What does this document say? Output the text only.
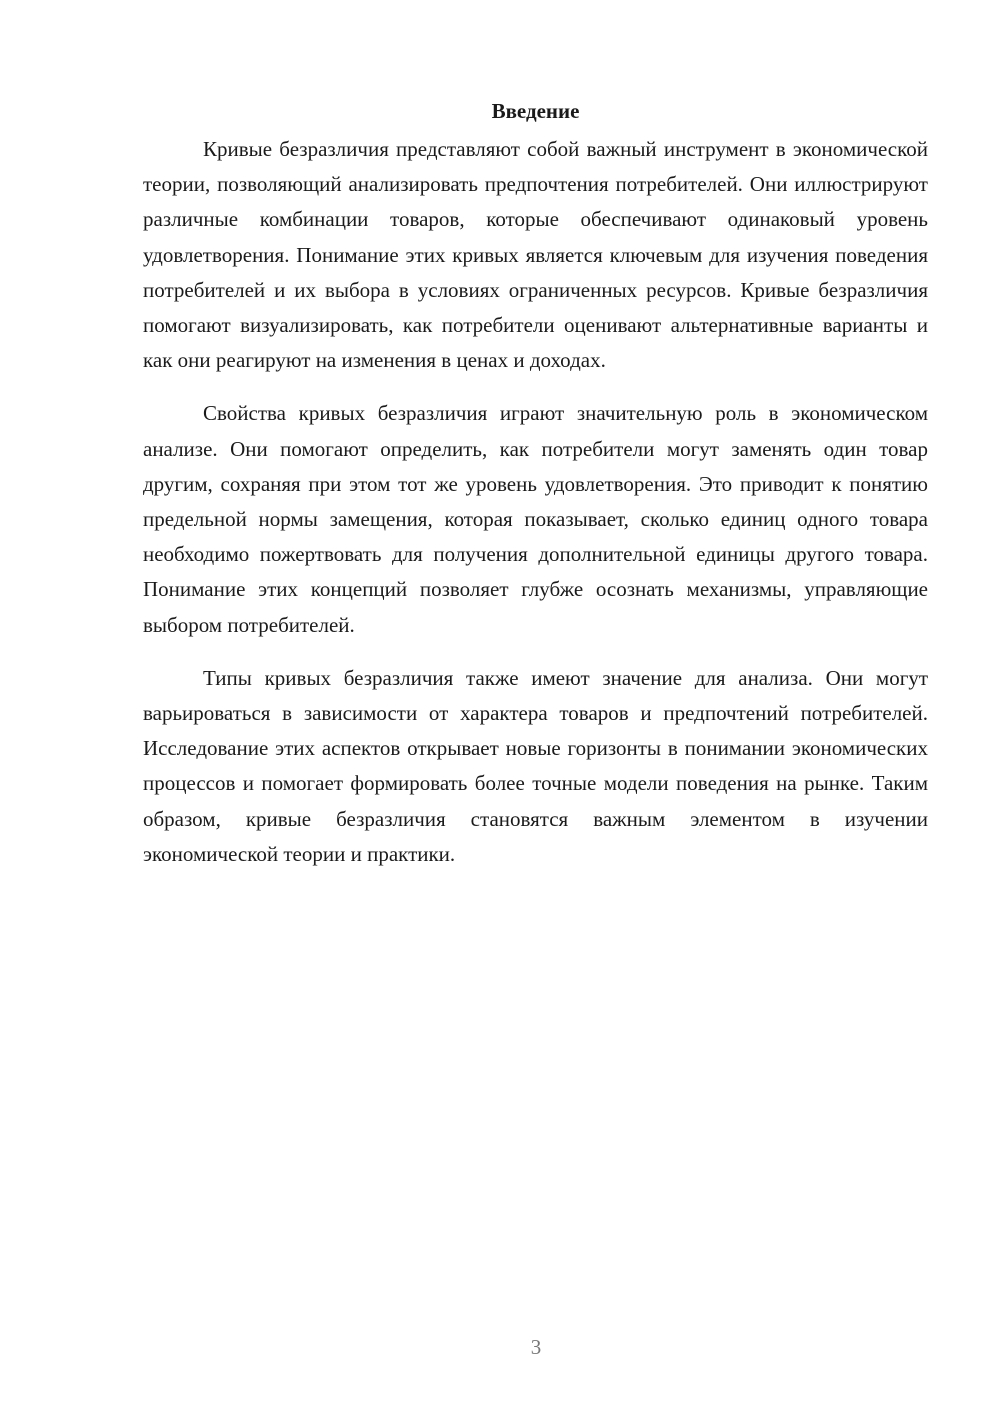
Введение

Кривые безразличия представляют собой важный инструмент в экономической теории, позволяющий анализировать предпочтения потребителей. Они иллюстрируют различные комбинации товаров, которые обеспечивают одинаковый уровень удовлетворения. Понимание этих кривых является ключевым для изучения поведения потребителей и их выбора в условиях ограниченных ресурсов. Кривые безразличия помогают визуализировать, как потребители оценивают альтернативные варианты и как они реагируют на изменения в ценах и доходах.

Свойства кривых безразличия играют значительную роль в экономическом анализе. Они помогают определить, как потребители могут заменять один товар другим, сохраняя при этом тот же уровень удовлетворения. Это приводит к понятию предельной нормы замещения, которая показывает, сколько единиц одного товара необходимо пожертвовать для получения дополнительной единицы другого товара. Понимание этих концепций позволяет глубже осознать механизмы, управляющие выбором потребителей.

Типы кривых безразличия также имеют значение для анализа. Они могут варьироваться в зависимости от характера товаров и предпочтений потребителей. Исследование этих аспектов открывает новые горизонты в понимании экономических процессов и помогает формировать более точные модели поведения на рынке. Таким образом, кривые безразличия становятся важным элементом в изучении экономической теории и практики.

3
